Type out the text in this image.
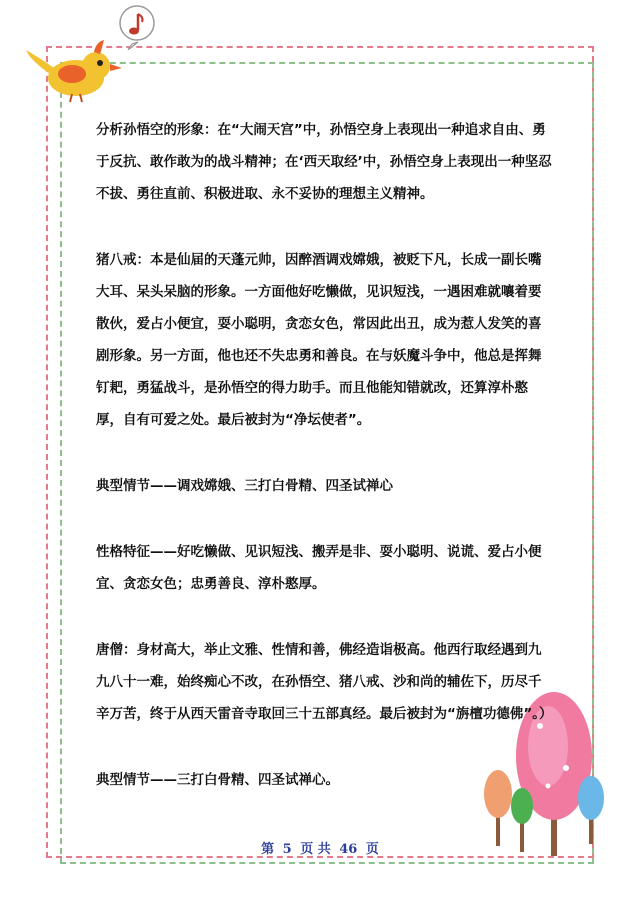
分析孙悟空的形象：在“大闹天宫”中，孙悟空身上表现出一种追求自由、勇于反抗、敢作敢为的战斗精神；在‘西天取经’中，孙悟空身上表现出一种坚忍不拔、勇往直前、积极进取、永不妥协的理想主义精神。

猪八戒：本是仙届的天蓬元帅，因醉酒调戏嫦娥，被贬下凡，长成一副长嘴大耳、呆头呆脑的形象。一方面他好吃懒做，见识短浅，一遇困难就嚷着要散伙，爱占小便宜，耍小聪明，贪恋女色，常因此出丑，成为惹人发笑的喜剧形象。另一方面，他也还不失忠勇和善良。在与妖魔斗争中，他总是挥舞钉耙，勇猛战斗，是孙悟空的得力助手。而且他能知错就改，还算淳朴憨厚，自有可爱之处。最后被封为“净坛使者”。

典型情节——调戏嫦娥、三打白骨精、四圣试禅心

性格特征——好吃懒做、见识短浅、搬弄是非、耍小聪明、说谎、爱占小便宜、贪恋女色；忠勇善良、淳朴憨厚。

唐僧：身材高大，举止文雅、性情和善，佛经造诣极高。他西行取经遇到九九八十一难，始终痴心不改，在孙悟空、猪八戒、沙和尚的辅佐下，历尽千辛万苦，终于从西天雷音寺取回三十五部真经。最后被封为“旃檀功德佛”。）

典型情节——三打白骨精、四圣试禅心。

第 5 页 共 46 页
